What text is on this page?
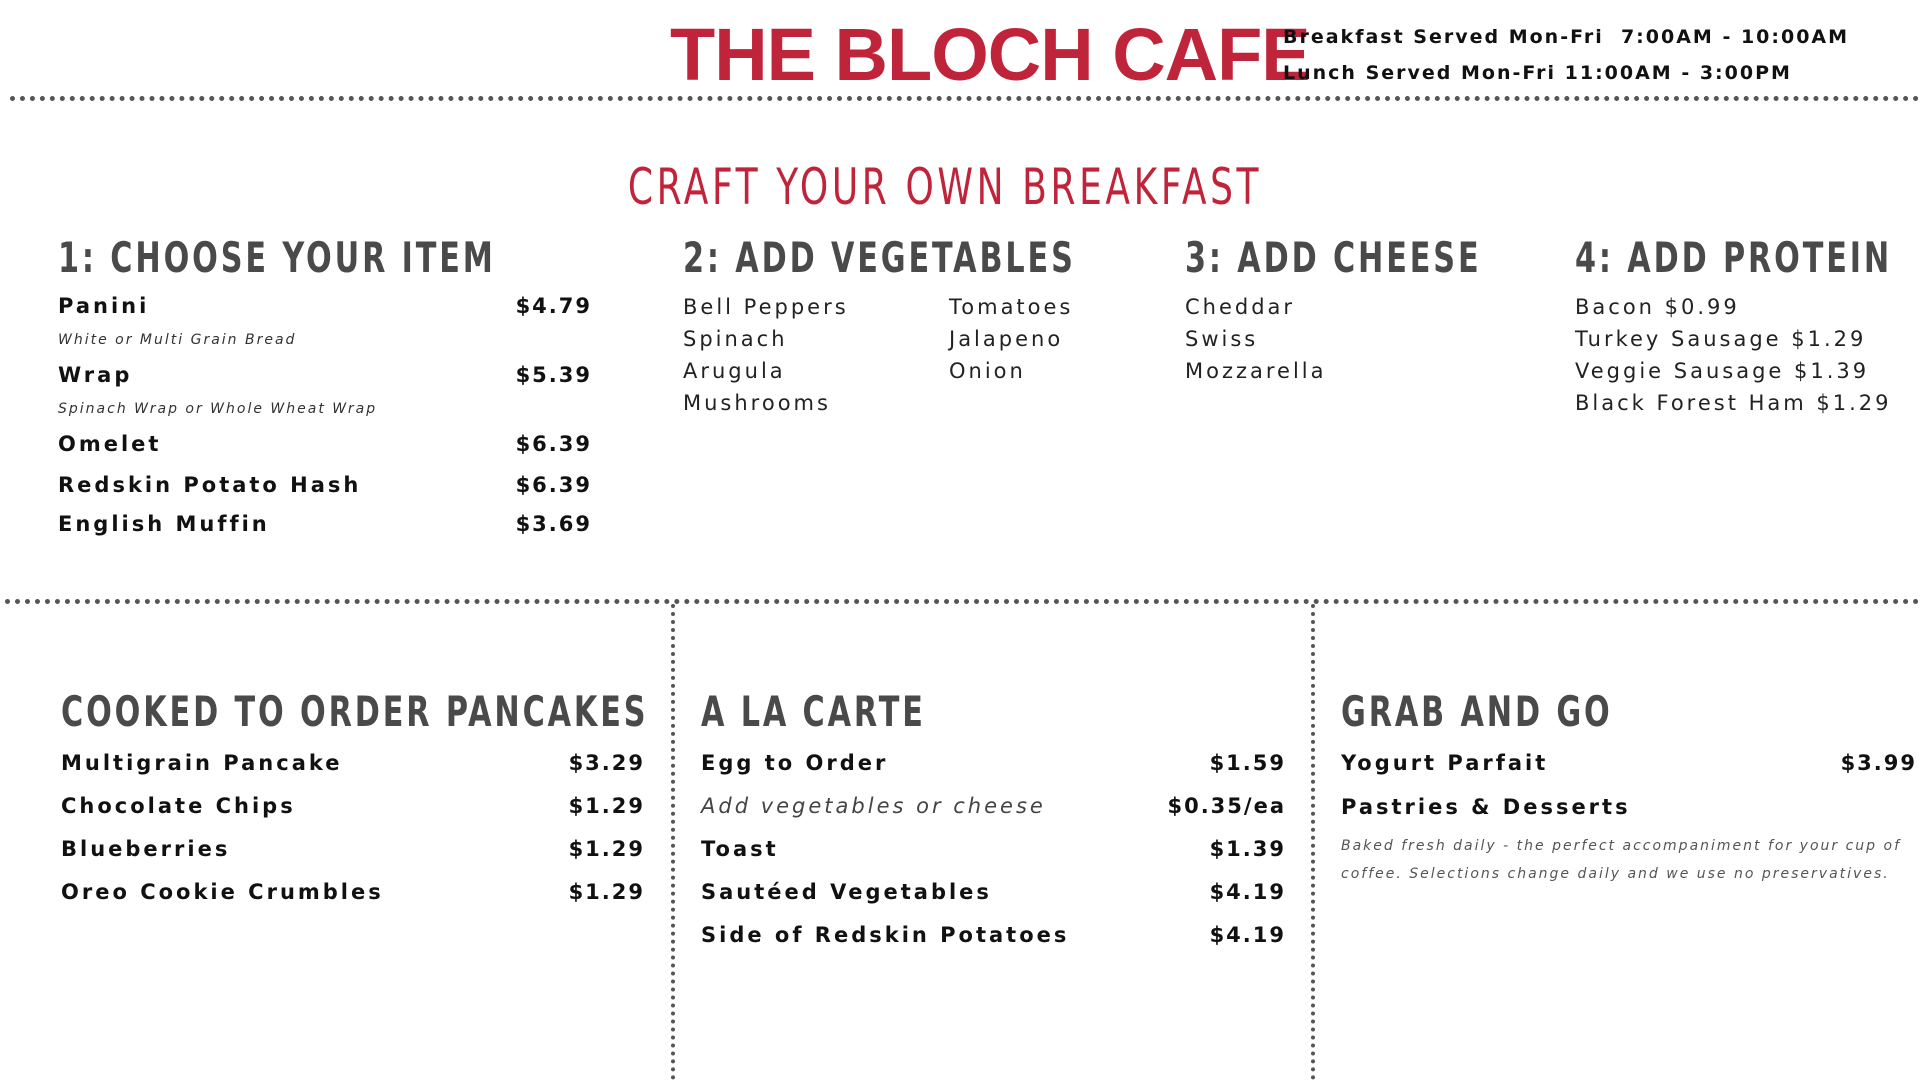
THE BLOCH CAFE
Breakfast Served Mon-Fri  7:00AM - 10:00AM
Lunch Served Mon-Fri 11:00AM - 3:00PM
CRAFT YOUR OWN BREAKFAST
1: CHOOSE YOUR ITEM
Panini	$4.79
White or Multi Grain Bread
Wrap	$5.39
Spinach Wrap or Whole Wheat Wrap
Omelet	$6.39
Redskin Potato Hash	$6.39
English Muffin	$3.69
2: ADD VEGETABLES
Bell Peppers
Spinach
Arugula
Mushrooms
Tomatoes
Jalapeno
Onion
3: ADD CHEESE
Cheddar
Swiss
Mozzarella
4: ADD PROTEIN
Bacon $0.99
Turkey Sausage $1.29
Veggie Sausage $1.39
Black Forest Ham $1.29
COOKED TO ORDER PANCAKES
Multigrain Pancake	$3.29
Chocolate Chips	$1.29
Blueberries	$1.29
Oreo Cookie Crumbles	$1.29
A LA CARTE
Egg to Order	$1.59
Add vegetables or cheese	$0.35/ea
Toast	$1.39
Sautéed Vegetables	$4.19
Side of Redskin Potatoes	$4.19
GRAB AND GO
Yogurt Parfait	$3.99
Pastries & Desserts
Baked fresh daily - the perfect accompaniment for your cup of coffee. Selections change daily and we use no preservatives.
